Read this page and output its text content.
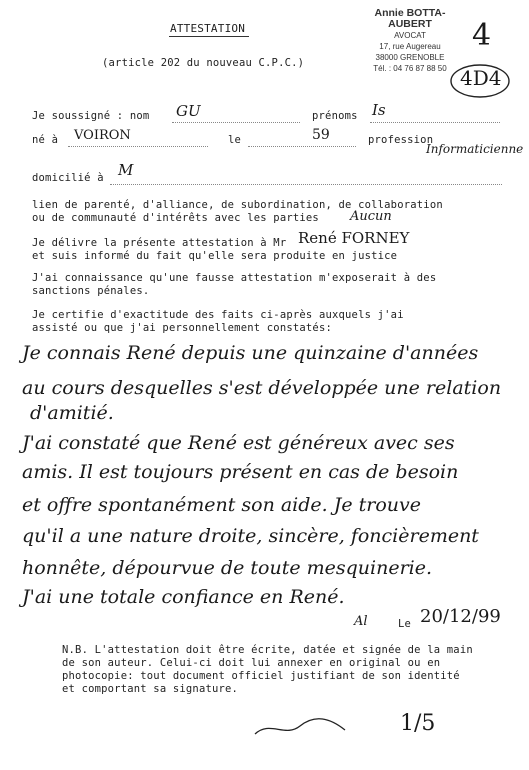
ATTESTATION
(article 202 du nouveau C.P.C.)
Annie BOTTA-AUBERT
AVOCAT
17, rue Augereau
38000 GRENOBLE
Tél. : 04 76 87 88 50
4
4D4
Je soussigné : nom GU	prénoms Is
né à VOIRON	le	59	profession
Informaticienne
domicilié à M
lien de parenté, d'alliance, de subordination, de collaboration
ou de communauté d'intérêts avec les parties Aucun
Je délivre la présente attestation à Mr René FORNEY
et suis informé du fait qu'elle sera produite en justice
J'ai connaissance qu'une fausse attestation m'exposerait à des
sanctions pénales.
Je certifie d'exactitude des faits ci-après auxquels j'ai
assisté ou que j'ai personnellement constatés:
Je connais René depuis une quinzaine d'années
au cours desquelles s'est développée une relation
d'amitié.
J'ai constaté que René est généreux avec ses
amis. Il est toujours présent en cas de besoin
et offre spontanément son aide. Je trouve
qu'il a une nature droite, sincère, foncièrement
honnête, dépourvue de toute mesquinerie.
J'ai une totale confiance en René.
Al	Le 20/12/99
N.B. L'attestation doit être écrite, datée et signée de la main
de son auteur. Celui-ci doit lui annexer en original ou en
photocopie: tout document officiel justifiant de son identité
et comportant sa signature.
1/5
